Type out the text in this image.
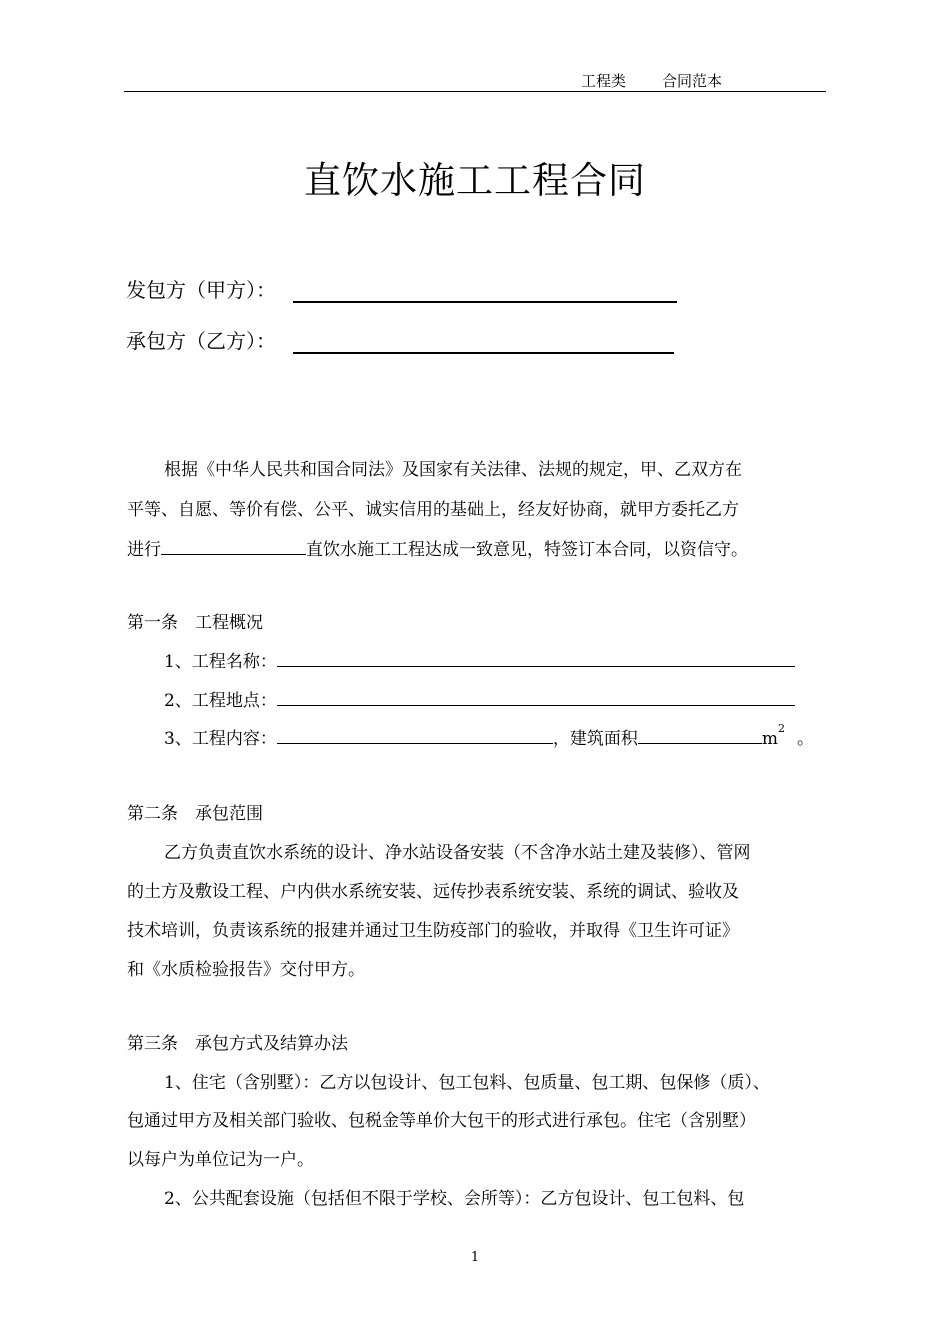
工程类 合同范本
直饮水施工工程合同
发包方（甲方）：
承包方（乙方）：
根据《中华人民共和国合同法》及国家有关法律、法规的规定，甲、乙双方在
平等、自愿、等价有偿、公平、诚实信用的基础上，经友好协商，就甲方委托乙方
进行	直饮水施工工程达成一致意见，特签订本合同，以资信守。
第一条　工程概况
1、工程名称：
2、工程地点：
3、工程内容：	，建筑面积	$m^2$。
第二条　承包范围
乙方负责直饮水系统的设计、净水站设备安装（不含净水站土建及装修）、管网
的土方及敷设工程、户内供水系统安装、远传抄表系统安装、系统的调试、验收及
技术培训，负责该系统的报建并通过卫生防疫部门的验收，并取得《卫生许可证》
和《水质检验报告》交付甲方。
第三条　承包方式及结算办法
1、住宅（含别墅）：乙方以包设计、包工包料、包质量、包工期、包保修（质）、
包通过甲方及相关部门验收、包税金等单价大包干的形式进行承包。住宅（含别墅）
以每户为单位记为一户。
2、公共配套设施（包括但不限于学校、会所等）：乙方包设计、包工包料、包
1
